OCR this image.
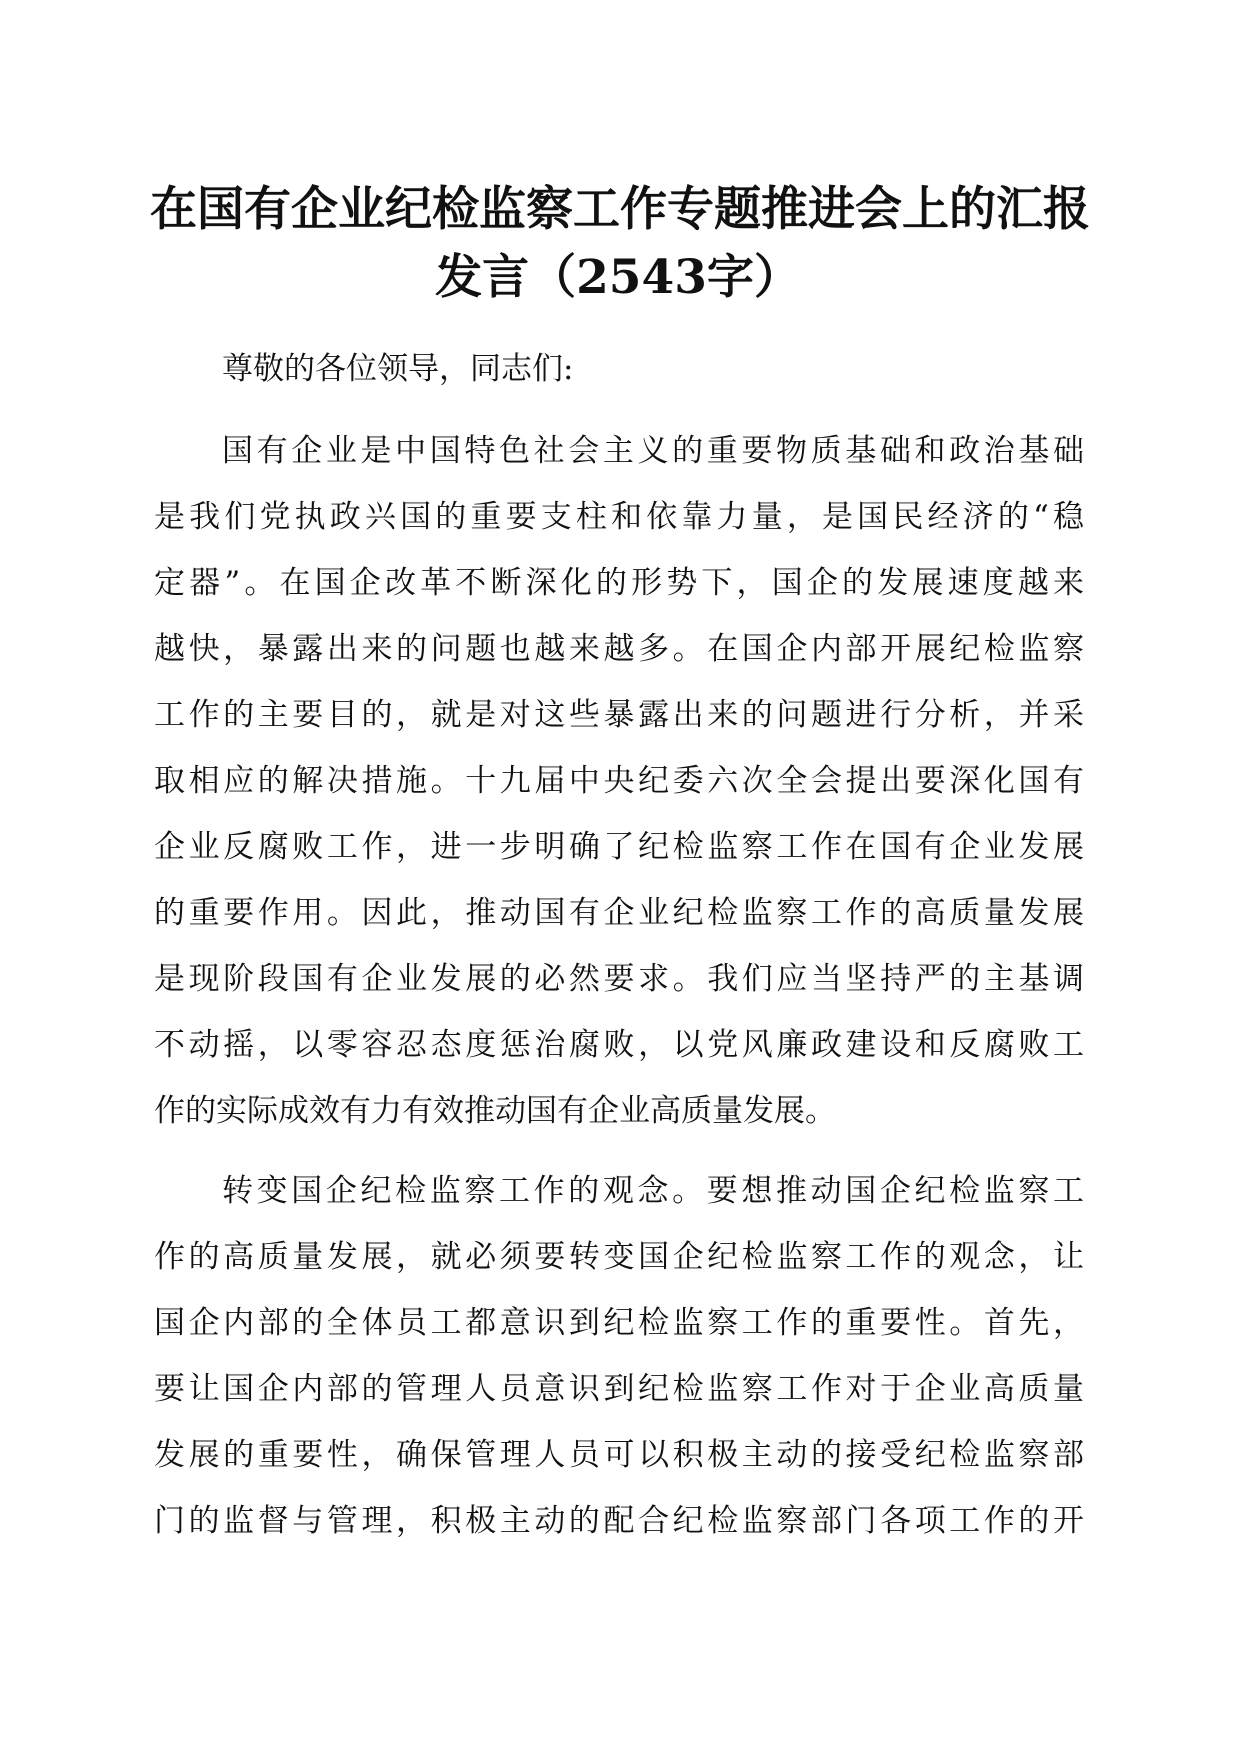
在国有企业纪检监察工作专题推进会上的汇报
发言（2543字）
尊敬的各位领导，同志们:
国有企业是中国特色社会主义的重要物质基础和政治基础
是我们党执政兴国的重要支柱和依靠力量，是国民经济的“稳
定器”。在国企改革不断深化的形势下，国企的发展速度越来
越快，暴露出来的问题也越来越多。在国企内部开展纪检监察
工作的主要目的，就是对这些暴露出来的问题进行分析，并采
取相应的解决措施。十九届中央纪委六次全会提出要深化国有
企业反腐败工作，进一步明确了纪检监察工作在国有企业发展
的重要作用。因此，推动国有企业纪检监察工作的高质量发展
是现阶段国有企业发展的必然要求。我们应当坚持严的主基调
不动摇，以零容忍态度惩治腐败，以党风廉政建设和反腐败工
作的实际成效有力有效推动国有企业高质量发展。
转变国企纪检监察工作的观念。要想推动国企纪检监察工
作的高质量发展，就必须要转变国企纪检监察工作的观念，让
国企内部的全体员工都意识到纪检监察工作的重要性。首先，
要让国企内部的管理人员意识到纪检监察工作对于企业高质量
发展的重要性，确保管理人员可以积极主动的接受纪检监察部
门的监督与管理，积极主动的配合纪检监察部门各项工作的开
